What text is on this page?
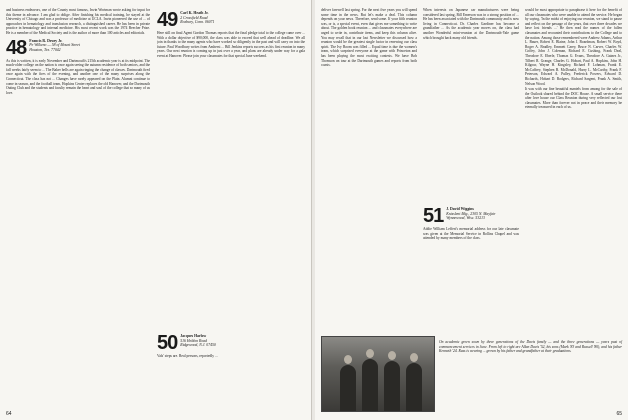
and business endeavors, one of the County most famous, Irwin Wortman wrote asking for input for this theme in advance. I am glad to oblige. After finishing his medical training, he stayed at the University of Chicago and was a professor of medicine at UCLA. Irwin pioneered the use of ... of approaches in hematology and transfusion research, a distinguished career. He has been in private practice in hematology and internal medicine. His most recent work was the 1974 Beecher Prize. He is a member of the Medical Society and is the author of more than 100 articles and editorials.

48 Francis R. Drury Jr.
Pe Wilkeno — 58 of Mount Street
Houston, Tex. 77042

As this is written, it is early November and Dartmouth's 215th academic year is at its midpoint. The much-older college on the nation is once again seeing the autumn residence of both seniors, and the fall weeks fairly seem to ... The Baker bells are again ringing the change of classes. Dartmouth fired once again with the fires of the evening, and another one of the many surprises along the Connecticut. The class has not ... Changes have rarely appeared on the Plain. Alumni continue to come in season, and the football team, Hopkins Center replaces the old Hanover, and the Dartmouth Outing Club and the students and faculty remain the heart and soul of the college that so many of us love.

49 Carl K. Heath Jr.
2 Crossfield Road
Roxbury, Conn. 06071

Here still on final Agent Gordon Thomas reports that the final pledge total to the college came over ... With a dollar objective of $90,000, the class was able to exceed that well ahead of deadline. We all join in thanks to the many agents who have worked so diligently in the past and will carry on into the future. Paul Woodbury writes from Amherst ... Bill Jenkins reports success as his first reunion in many years. Our next reunion is coming up in just over a year, and plans are already under way for a gala event at Hanover. Please join your classmates for that special June weekend.

50 Jacques Harlow
516 Heldon Road
Ridgewood, N.J. 07450

Vals' steps are. Real persons, reportedly ...

64

deliver farewell last spring. For the next five years you will spend some time in the news. But let's make a deal. This column depends on your news. Therefore, send some. If your fifth reunion was, or is, a special event, even that gives me something to write about. The golden book reunion ... and classmates everywhere are urged to write in, contribute items, and keep this column alive. You may recall that in our last Newsletter we discussed how a reunion would be the greatest single factor in renewing our class spirit. The Ivy Room was filled ... Equal time is due the women's team, which surprised everyone at the game with Princeton and has been playing the most exciting contests. We have Bob Thomson on tour at the Dartmouth games and reports from both coasts.

When interests on Japanese car manufacturers were being considered last spring, Bill Emerson was in a strong position of ... He has been associated with the Dartmouth community and is now living in Connecticut. Dr. Charles Gardiner has become a grandfather ... As the academic year moves on, the class had another Wonderful mini-reunion at the Dartmouth-Yale game which brought back many old friends.

51 J. David Wiggins
Knisslent Mtg., 2305 N. Mayfair
Wynnewood, Wisc. 53213

Addie William Leffert's memorial address for our late classmate was given at the Memorial Service in Rollins Chapel and was attended by many members of the class.

would be most appropriate to paraphrase it here for the benefit of all our classmates who were unable to attend the service. He began by saying, 'In the midst of enjoying our reunion, we stand to pause and reflect on the passage of the years, that over three decades we have lost friends ...' He then read the names of the fallen classmates and recounted their contributions to the College and to the nation. Among those remembered were Andrew Adams, Arthur L. Bauer, Robert E. Blaine, John J. Boardman, Robert W. Boyd, Roger A. Bradley, Emmett Carey, Bruce N. Carver, Charles W. Coffey, John J. Coleman, Richard E. Cushing, Frank Deal, Theodore E. Eberle, Thomas G. Evans, Theodore A. Gaines Jr., Tilbert R. Grange, Charles G. Hobart, Paul A. Hopkins, John H. Kilgour, Wayne H. Kingsley, Richard F. Lohman, Frank E. McCaffrey, Stephen B. McDonald, Harry L. McCarthy, Frank F. Peterson, Edward A. Pulley, Frederick Powers, Edward D. Richards, Hobart D. Rodgers, Richard Sargent, Frank A. Smith, Nelson Wood.

It was with our fine beautiful mantels from among for the sale of the Outlook shared behind the DOC House. A small service there after love house our Class Reunion during very reflected our lost classmates. More than forever not in peace and their memory be eternally treasured in each of us.

On academic green sown by three generations of the Davis family — and the three generations — years past of commencement services in June. From left to right are Allan Davis '52, his sons (Mark '83 and Russell '80), and his father Kenneth '24. Russ is wearing ... grown by his father and grandfather at their graduations.
65
